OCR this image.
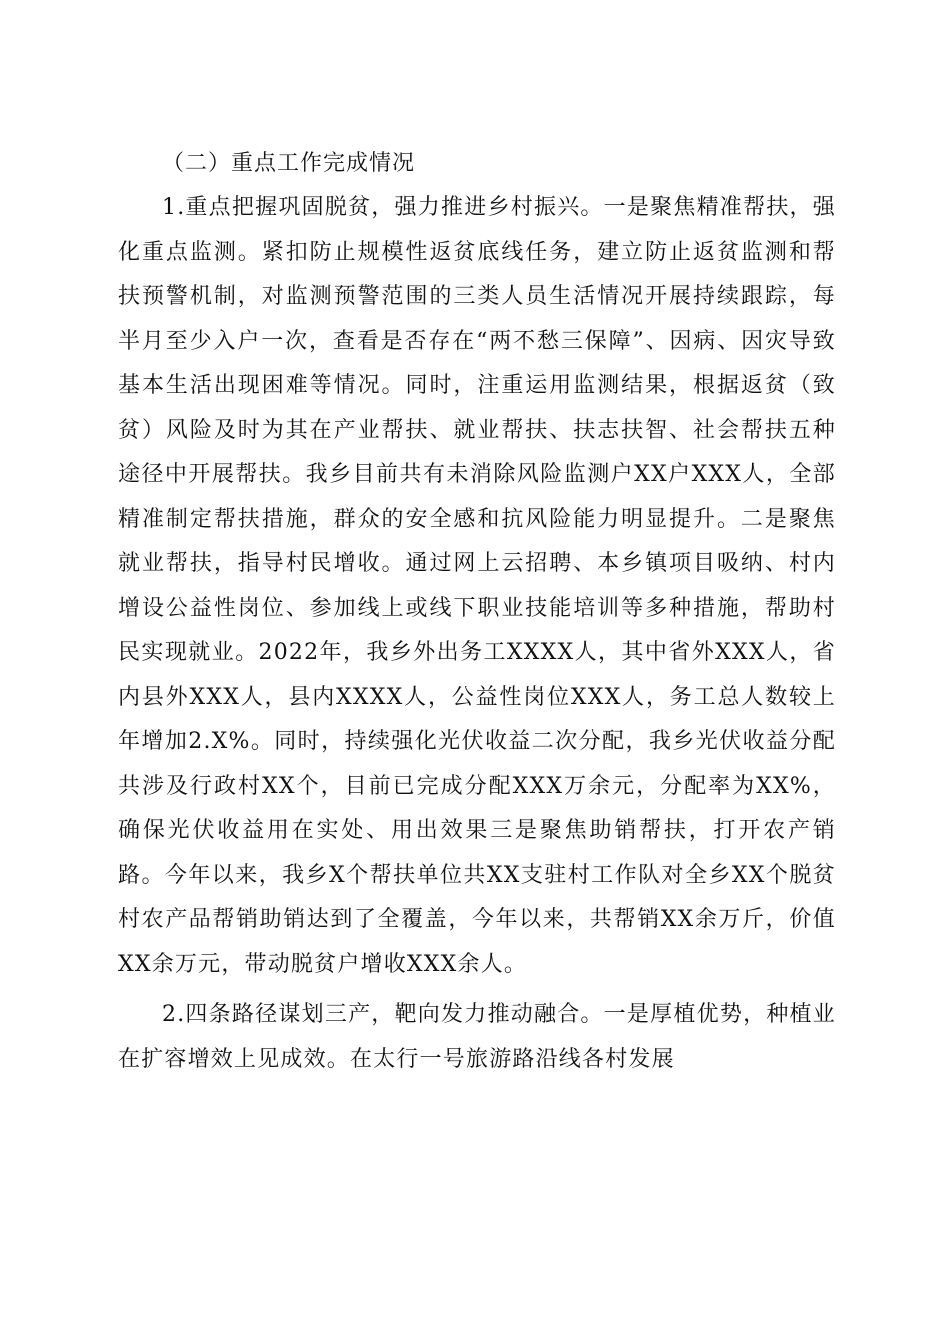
（二）重点工作完成情况

1.重点把握巩固脱贫，强力推进乡村振兴。一是聚焦精准帮扶，强化重点监测。紧扣防止规模性返贫底线任务，建立防止返贫监测和帮扶预警机制，对监测预警范围的三类人员生活情况开展持续跟踪，每半月至少入户一次，查看是否存在“两不愁三保障”、因病、因灾导致基本生活出现困难等情况。同时，注重运用监测结果，根据返贫（致贫）风险及时为其在产业帮扶、就业帮扶、扶志扶智、社会帮扶五种途径中开展帮扶。我乡目前共有未消除风险监测户XX户XXX人，全部精准制定帮扶措施，群众的安全感和抗风险能力明显提升。二是聚焦就业帮扶，指导村民增收。通过网上云招聘、本乡镇项目吸纳、村内增设公益性岗位、参加线上或线下职业技能培训等多种措施，帮助村民实现就业。2022年，我乡外出务工XXXX人，其中省外XXX人，省内县外XXX人，县内XXXX人，公益性岗位XXX人，务工总人数较上年增加2.X%。同时，持续强化光伏收益二次分配，我乡光伏收益分配共涉及行政村XX个，目前已完成分配XXX万余元，分配率为XX%，确保光伏收益用在实处、用出效果三是聚焦助销帮扶，打开农产销路。今年以来，我乡X个帮扶单位共XX支驻村工作队对全乡XX个脱贫村农产品帮销助销达到了全覆盖，今年以来，共帮销XX余万斤，价值XX余万元，带动脱贫户增收XXX余人。

2.四条路径谋划三产，靶向发力推动融合。一是厚植优势，种植业在扩容增效上见成效。在太行一号旅游路沿线各村发展
